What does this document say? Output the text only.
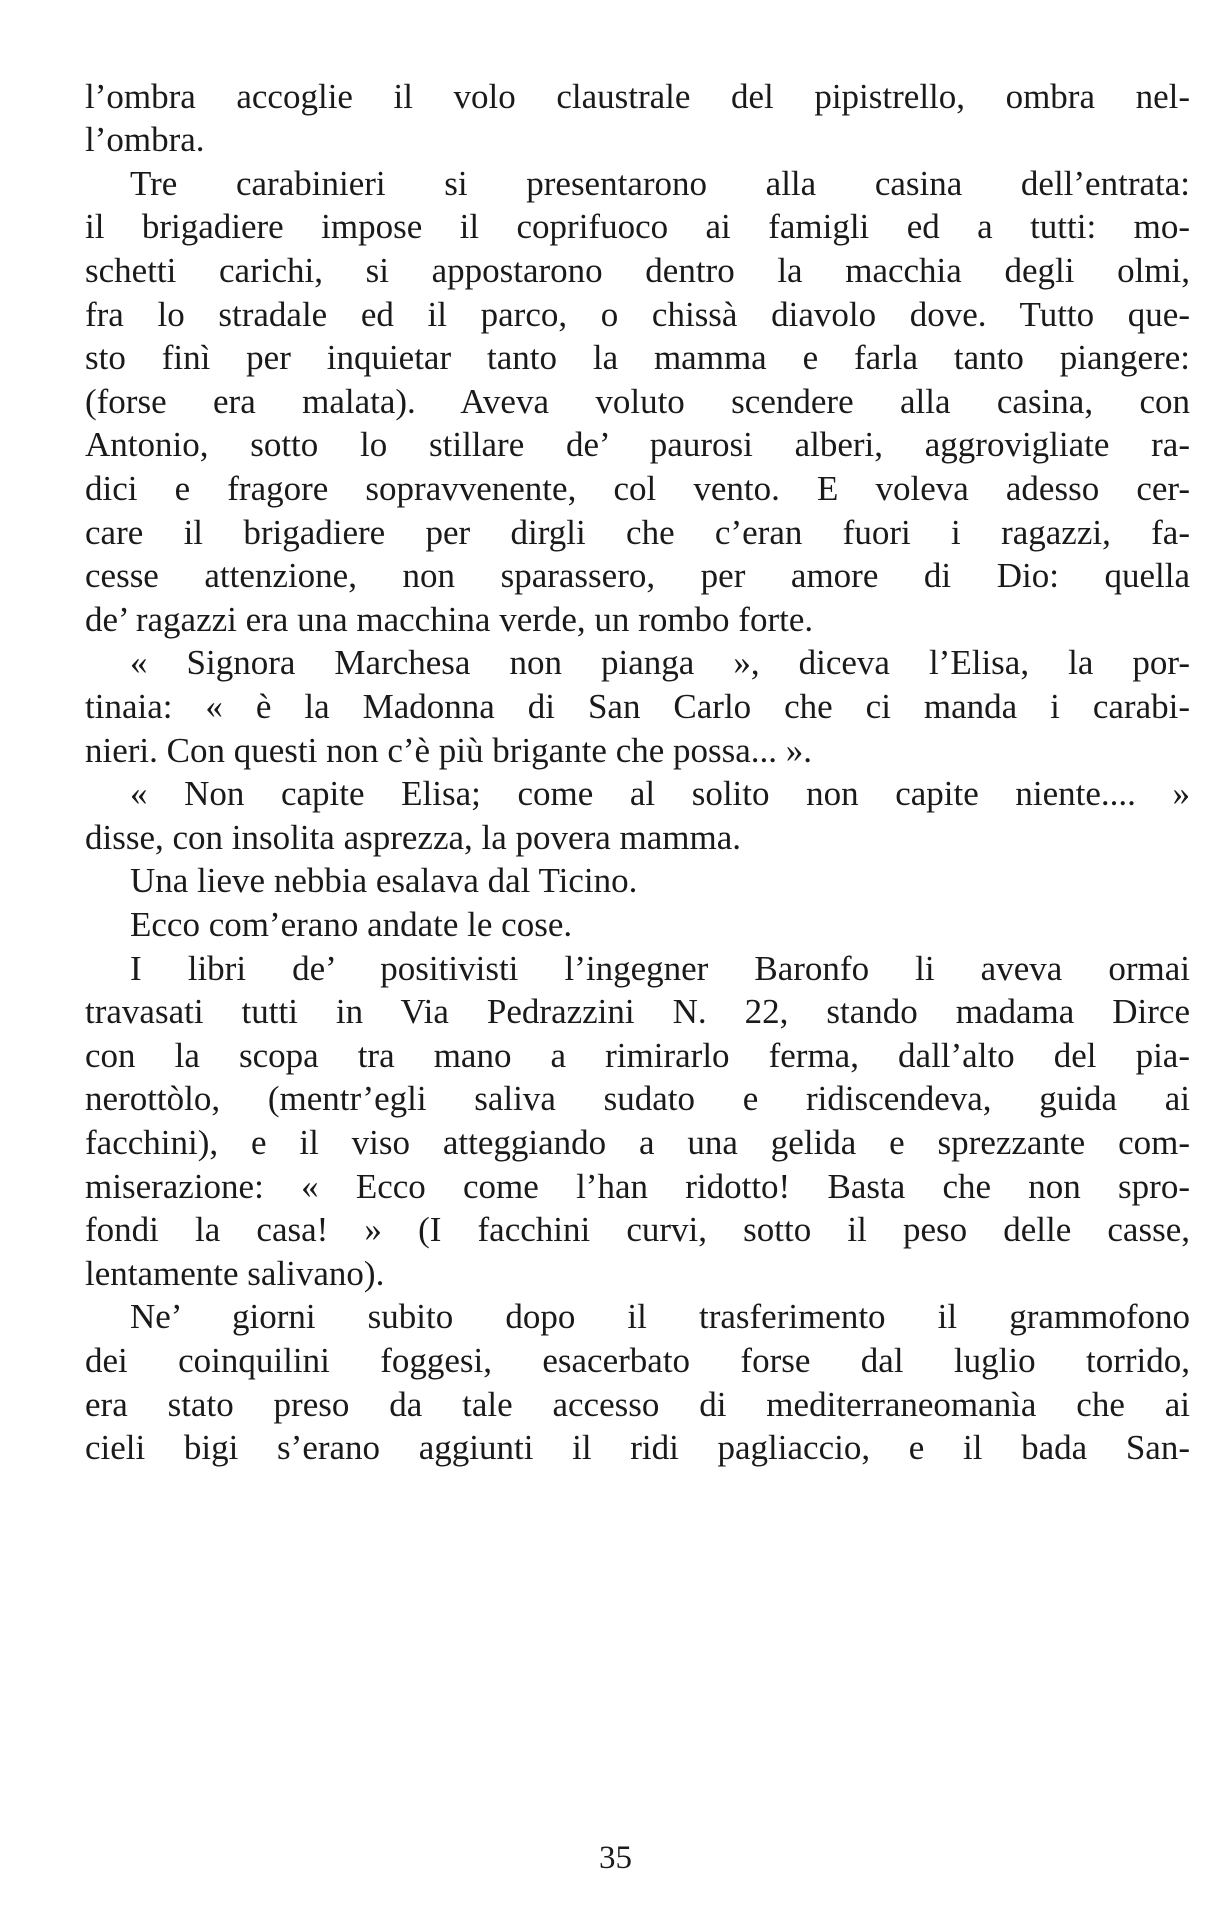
l’ombra accoglie il volo claustrale del pipistrello, ombra nel-
l’ombra.
Tre carabinieri si presentarono alla casina dell’entrata:
il brigadiere impose il coprifuoco ai famigli ed a tutti: mo-
schetti carichi, si appostarono dentro la macchia degli olmi,
fra lo stradale ed il parco, o chissà diavolo dove. Tutto que-
sto finì per inquietar tanto la mamma e farla tanto piangere:
(forse era malata). Aveva voluto scendere alla casina, con
Antonio, sotto lo stillare de’ paurosi alberi, aggrovigliate ra-
dici e fragore sopravvenente, col vento. E voleva adesso cer-
care il brigadiere per dirgli che c’eran fuori i ragazzi, fa-
cesse attenzione, non sparassero, per amore di Dio: quella
de’ ragazzi era una macchina verde, un rombo forte.
« Signora Marchesa non pianga », diceva l’Elisa, la por-
tinaia: « è la Madonna di San Carlo che ci manda i carabi-
nieri. Con questi non c’è più brigante che possa... ».
« Non capite Elisa; come al solito non capite niente.... »
disse, con insolita asprezza, la povera mamma.
Una lieve nebbia esalava dal Ticino.
Ecco com’erano andate le cose.
I libri de’ positivisti l’ingegner Baronfo li aveva ormai
travasati tutti in Via Pedrazzini N. 22, stando madama Dirce
con la scopa tra mano a rimirarlo ferma, dall’alto del pia-
nerottòlo, (mentr’egli saliva sudato e ridiscendeva, guida ai
facchini), e il viso atteggiando a una gelida e sprezzante com-
miserazione: « Ecco come l’han ridotto! Basta che non spro-
fondi la casa! » (I facchini curvi, sotto il peso delle casse,
lentamente salivano).
Ne’ giorni subito dopo il trasferimento il grammofono
dei coinquilini foggesi, esacerbato forse dal luglio torrido,
era stato preso da tale accesso di mediterraneomanìa che ai
cieli bigi s’erano aggiunti il ridi pagliaccio, e il bada San-
35
